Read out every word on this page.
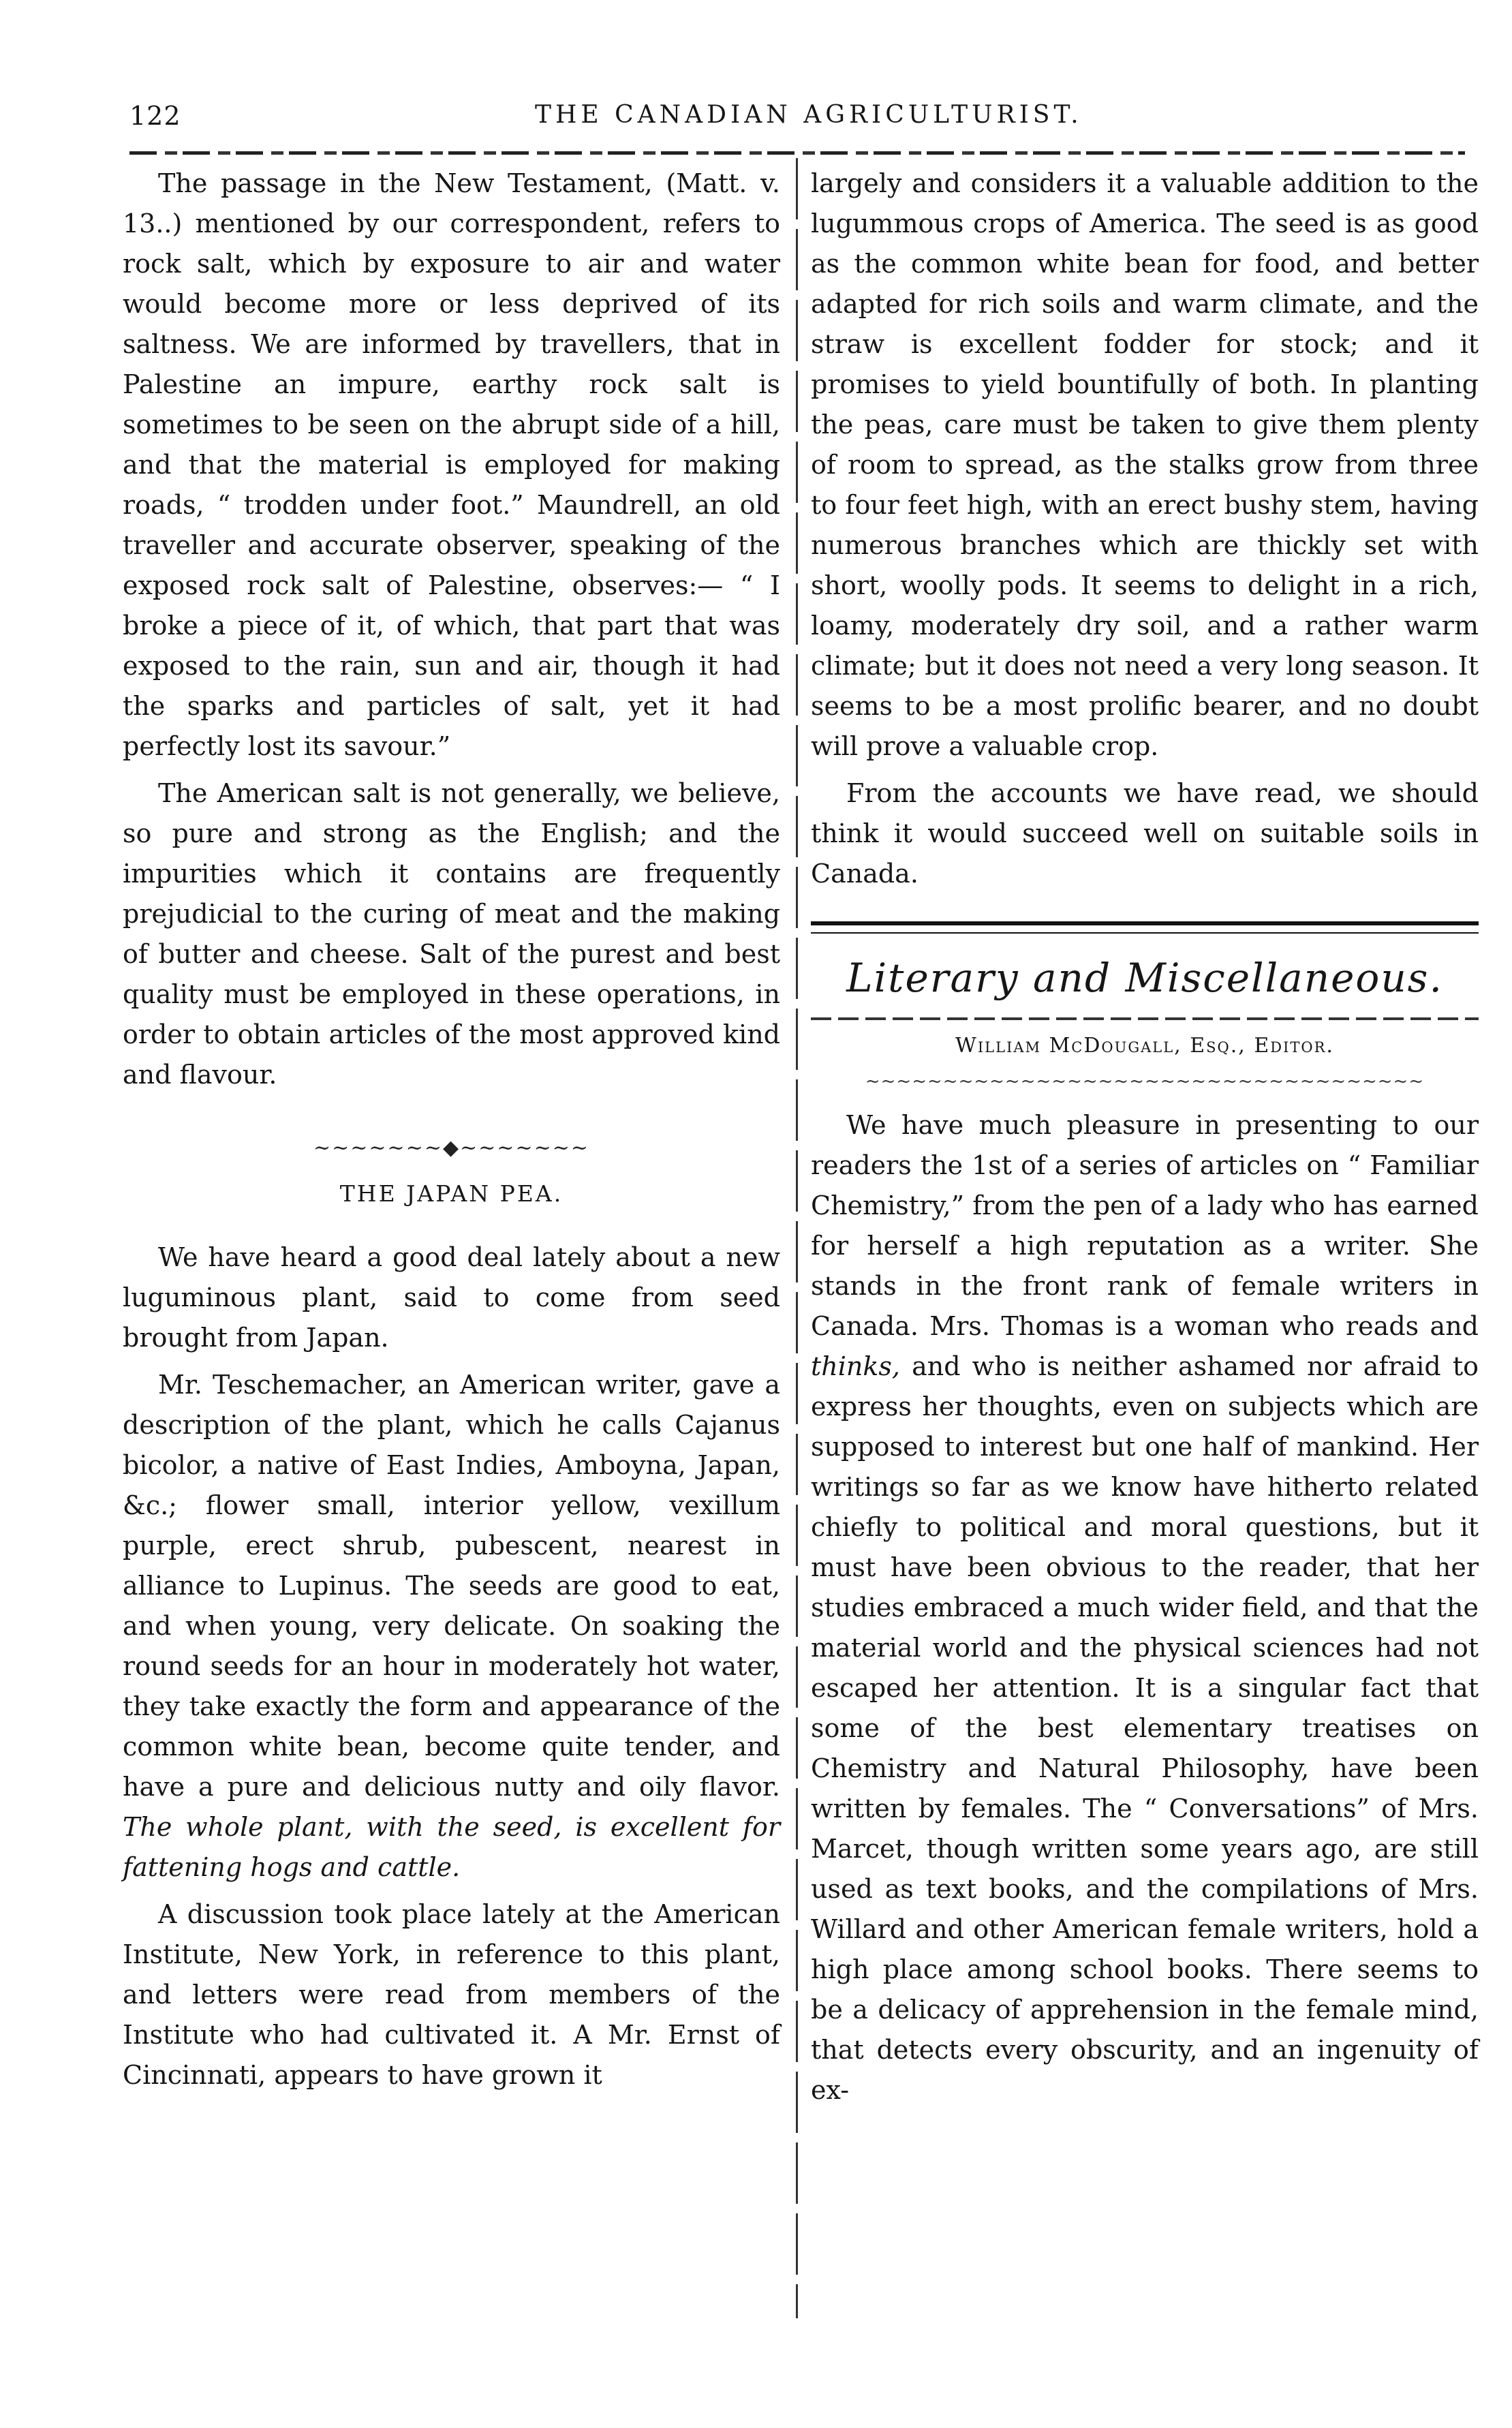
122	THE CANADIAN AGRICULTURIST.

The passage in the New Testament, (Matt. v. 13..) mentioned by our correspondent, refers to rock salt, which by exposure to air and water would become more or less deprived of its saltness. We are informed by travellers, that in Palestine an impure, earthy rock salt is sometimes to be seen on the abrupt side of a hill, and that the material is employed for making roads, “ trodden under foot.” Maundrell, an old traveller and accurate observer, speaking of the exposed rock salt of Palestine, observes:— “ I broke a piece of it, of which, that part that was exposed to the rain, sun and air, though it had the sparks and particles of salt, yet it had perfectly lost its savour.”

The American salt is not generally, we believe, so pure and strong as the English; and the impurities which it contains are frequently prejudicial to the curing of meat and the making of butter and cheese. Salt of the purest and best quality must be employed in these operations, in order to obtain articles of the most approved kind and flavour.

~~~~~~~◆~~~~~~~
THE JAPAN PEA.

We have heard a good deal lately about a new luguminous plant, said to come from seed brought from Japan.

Mr. Teschemacher, an American writer, gave a description of the plant, which he calls Cajanus bicolor, a native of East Indies, Amboyna, Japan, &c.; flower small, interior yellow, vexillum purple, erect shrub, pubescent, nearest in alliance to Lupinus. The seeds are good to eat, and when young, very delicate. On soaking the round seeds for an hour in moderately hot water, they take exactly the form and appearance of the common white bean, become quite tender, and have a pure and delicious nutty and oily flavor. The whole plant, with the seed, is excellent for fattening hogs and cattle.

A discussion took place lately at the American Institute, New York, in reference to this plant, and letters were read from members of the Institute who had cultivated it. A Mr. Ernst of Cincinnati, appears to have grown it

largely and considers it a valuable addition to the lugummous crops of America. The seed is as good as the common white bean for food, and better adapted for rich soils and warm climate, and the straw is excellent fodder for stock; and it promises to yield bountifully of both. In planting the peas, care must be taken to give them plenty of room to spread, as the stalks grow from three to four feet high, with an erect bushy stem, having numerous branches which are thickly set with short, woolly pods. It seems to delight in a rich, loamy, moderately dry soil, and a rather warm climate; but it does not need a very long season. It seems to be a most prolific bearer, and no doubt will prove a valuable crop.

From the accounts we have read, we should think it would succeed well on suitable soils in Canada.

Literary and Miscellaneous.
William McDougall, Esq., Editor.
~~~~~~~~~~~~~~~~~~~~~~~~~~~~~~~~~~~~

We have much pleasure in presenting to our readers the 1st of a series of articles on “ Familiar Chemistry,” from the pen of a lady who has earned for herself a high reputation as a writer. She stands in the front rank of female writers in Canada. Mrs. Thomas is a woman who reads and thinks, and who is neither ashamed nor afraid to express her thoughts, even on subjects which are supposed to interest but one half of mankind. Her writings so far as we know have hitherto related chiefly to political and moral questions, but it must have been obvious to the reader, that her studies embraced a much wider field, and that the material world and the physical sciences had not escaped her attention. It is a singular fact that some of the best elementary treatises on Chemistry and Natural Philosophy, have been written by females. The “ Conversations” of Mrs. Marcet, though written some years ago, are still used as text books, and the compilations of Mrs. Willard and other American female writers, hold a high place among school books. There seems to be a delicacy of apprehension in the female mind, that detects every obscurity, and an ingenuity of ex-
